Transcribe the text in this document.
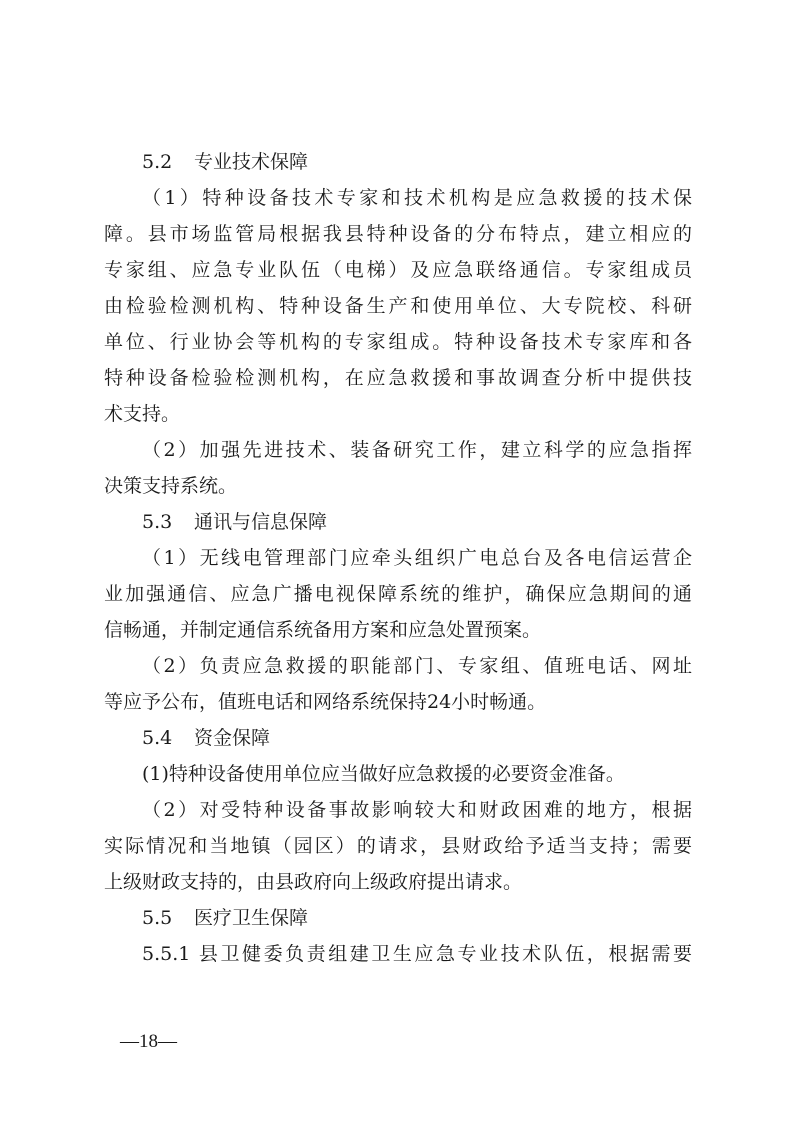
5.2 专业技术保障
（1）特种设备技术专家和技术机构是应急救援的技术保
障。县市场监管局根据我县特种设备的分布特点，建立相应的
专家组、应急专业队伍（电梯）及应急联络通信。专家组成员
由检验检测机构、特种设备生产和使用单位、大专院校、科研
单位、行业协会等机构的专家组成。特种设备技术专家库和各
特种设备检验检测机构，在应急救援和事故调查分析中提供技
术支持。
（2）加强先进技术、装备研究工作，建立科学的应急指挥
决策支持系统。
5.3 通讯与信息保障
（1）无线电管理部门应牵头组织广电总台及各电信运营企
业加强通信、应急广播电视保障系统的维护，确保应急期间的通
信畅通，并制定通信系统备用方案和应急处置预案。
（2）负责应急救援的职能部门、专家组、值班电话、网址
等应予公布，值班电话和网络系统保持24小时畅通。
5.4 资金保障
(1)特种设备使用单位应当做好应急救援的必要资金准备。
（2）对受特种设备事故影响较大和财政困难的地方，根据
实际情况和当地镇（园区）的请求，县财政给予适当支持；需要
上级财政支持的，由县政府向上级政府提出请求。
5.5 医疗卫生保障
5.5.1 县卫健委负责组建卫生应急专业技术队伍，根据需要
—18—
